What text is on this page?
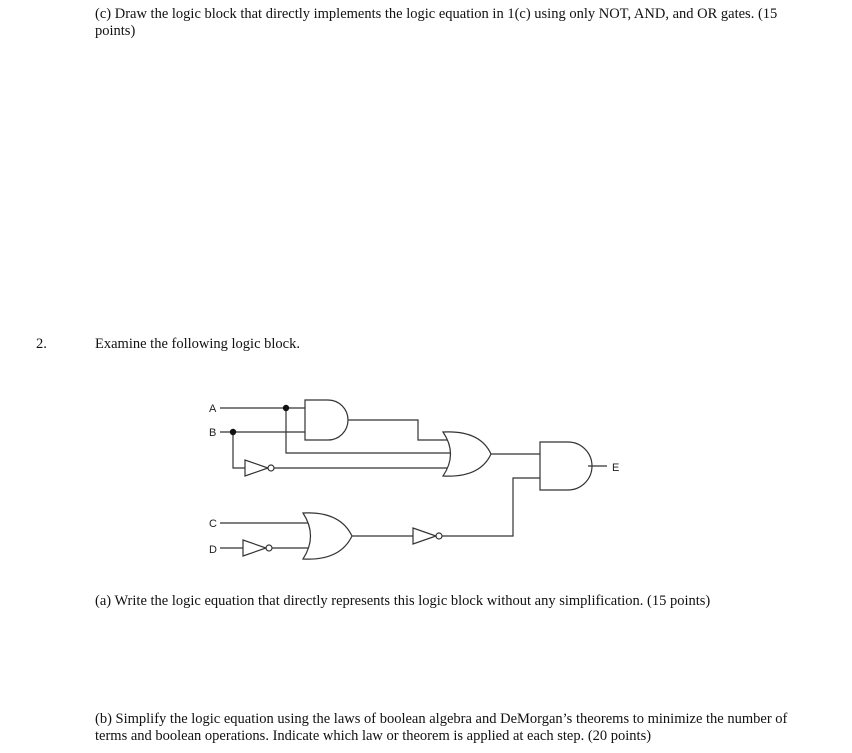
(c) Draw the logic block that directly implements the logic equation in 1(c) using only NOT, AND, and OR gates. (15 points)

2.	Examine the following logic block.

A
B
C
D
E

(a) Write the logic equation that directly represents this logic block without any simplification. (15 points)

(b) Simplify the logic equation using the laws of boolean algebra and DeMorgan’s theorems to minimize the number of terms and boolean operations. Indicate which law or theorem is applied at each step. (20 points)
